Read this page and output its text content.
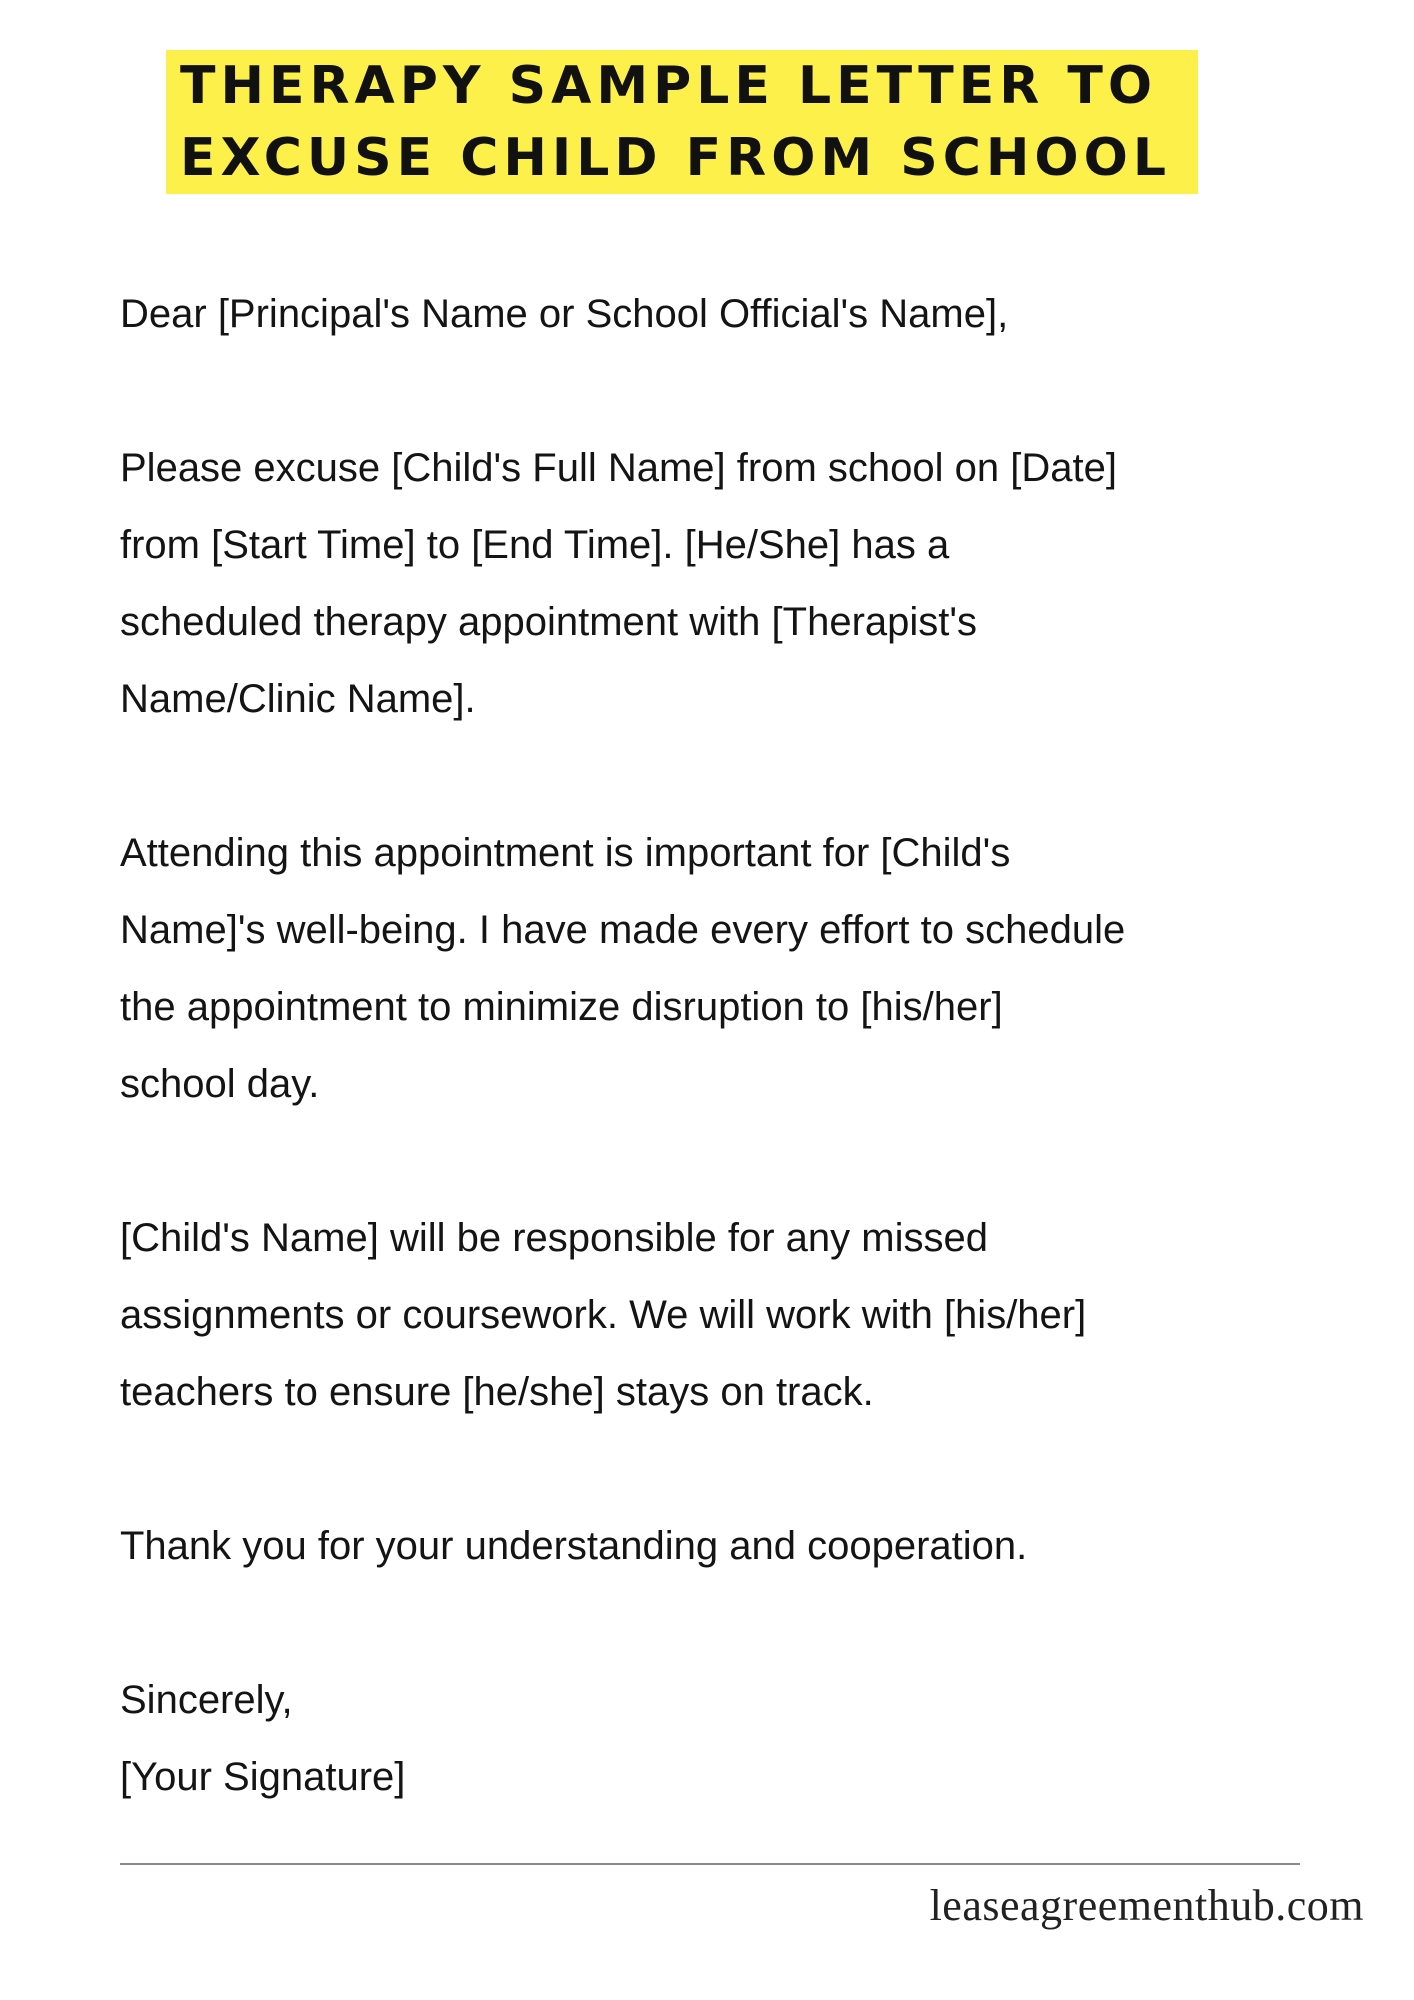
THERAPY SAMPLE LETTER TO EXCUSE CHILD FROM SCHOOL

Dear [Principal's Name or School Official's Name],

Please excuse [Child's Full Name] from school on [Date]
from [Start Time] to [End Time]. [He/She] has a
scheduled therapy appointment with [Therapist's
Name/Clinic Name].

Attending this appointment is important for [Child's
Name]'s well-being. I have made every effort to schedule
the appointment to minimize disruption to [his/her]
school day.

[Child's Name] will be responsible for any missed
assignments or coursework. We will work with [his/her]
teachers to ensure [he/she] stays on track.

Thank you for your understanding and cooperation.

Sincerely,
[Your Signature]

leaseagreementhub.com
